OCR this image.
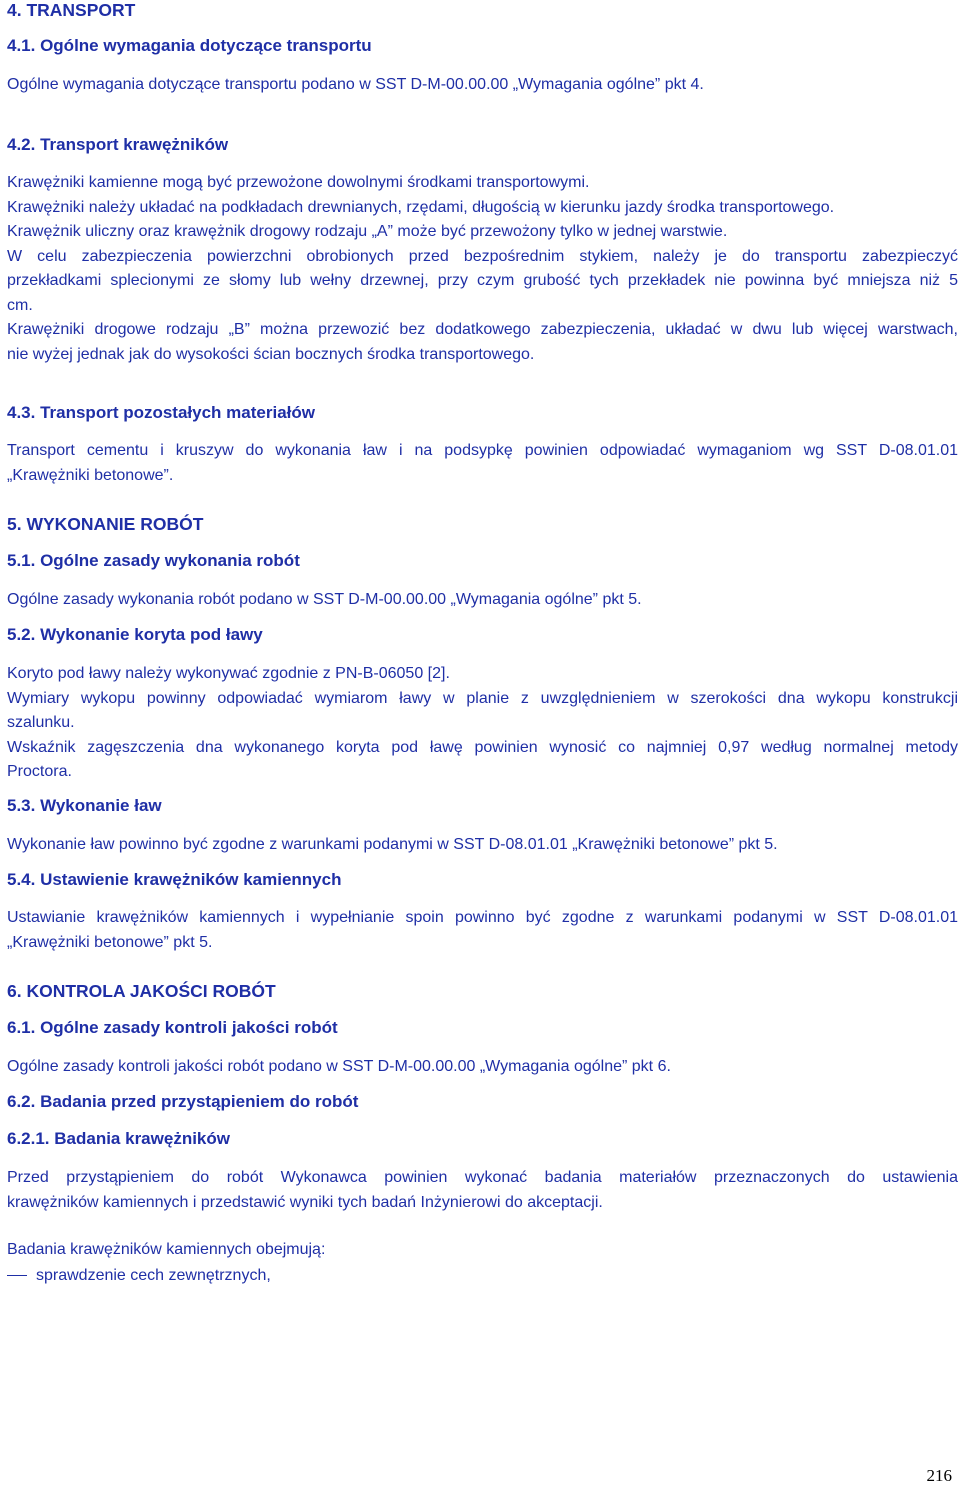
4. TRANSPORT
4.1. Ogólne wymagania dotyczące transportu
Ogólne wymagania dotyczące transportu podano w SST D-M-00.00.00 „Wymagania ogólne” pkt 4.
4.2. Transport krawężników
Krawężniki kamienne mogą być przewożone dowolnymi środkami transportowymi.
Krawężniki należy układać na podkładach drewnianych, rzędami, długością w kierunku jazdy środka transportowego.
Krawężnik uliczny oraz krawężnik drogowy rodzaju „A” może być przewożony tylko w jednej warstwie.
W celu zabezpieczenia powierzchni obrobionych przed bezpośrednim stykiem, należy je do transportu zabezpieczyć
przekładkami splecionymi ze słomy lub wełny drzewnej, przy czym grubość tych przekładek nie powinna być mniejsza niż 5
cm.
Krawężniki drogowe rodzaju „B” można przewozić bez dodatkowego zabezpieczenia, układać w dwu lub więcej warstwach,
nie wyżej jednak jak do wysokości ścian bocznych środka transportowego.
4.3. Transport pozostałych materiałów
Transport cementu i kruszyw do wykonania ław i na podsypkę powinien odpowiadać wymaganiom wg SST D-08.01.01
„Krawężniki betonowe”.
5. WYKONANIE ROBÓT
5.1. Ogólne zasady wykonania robót
Ogólne zasady wykonania robót podano w SST D-M-00.00.00 „Wymagania ogólne” pkt 5.
5.2. Wykonanie koryta pod ławy
Koryto pod ławy należy wykonywać zgodnie z PN-B-06050 [2].
Wymiary wykopu powinny odpowiadać wymiarom ławy w planie z uwzględnieniem w szerokości dna wykopu konstrukcji
szalunku.
Wskaźnik zagęszczenia dna wykonanego koryta pod ławę powinien wynosić co najmniej 0,97 według normalnej metody
Proctora.
5.3. Wykonanie ław
Wykonanie ław powinno być zgodne z warunkami podanymi w SST D-08.01.01 „Krawężniki betonowe” pkt 5.
5.4. Ustawienie krawężników kamiennych
Ustawianie krawężników kamiennych i wypełnianie spoin powinno być zgodne z warunkami podanymi w SST D-08.01.01
„Krawężniki betonowe” pkt 5.
6. KONTROLA JAKOŚCI ROBÓT
6.1. Ogólne zasady kontroli jakości robót
Ogólne zasady kontroli jakości robót podano w SST D-M-00.00.00 „Wymagania ogólne” pkt 6.
6.2. Badania przed przystąpieniem do robót
6.2.1. Badania krawężników
Przed przystąpieniem do robót Wykonawca powinien wykonać badania materiałów przeznaczonych do ustawienia
krawężników kamiennych i przedstawić wyniki tych badań Inżynierowi do akceptacji.
Badania krawężników kamiennych obejmują:
sprawdzenie cech zewnętrznych,
216
